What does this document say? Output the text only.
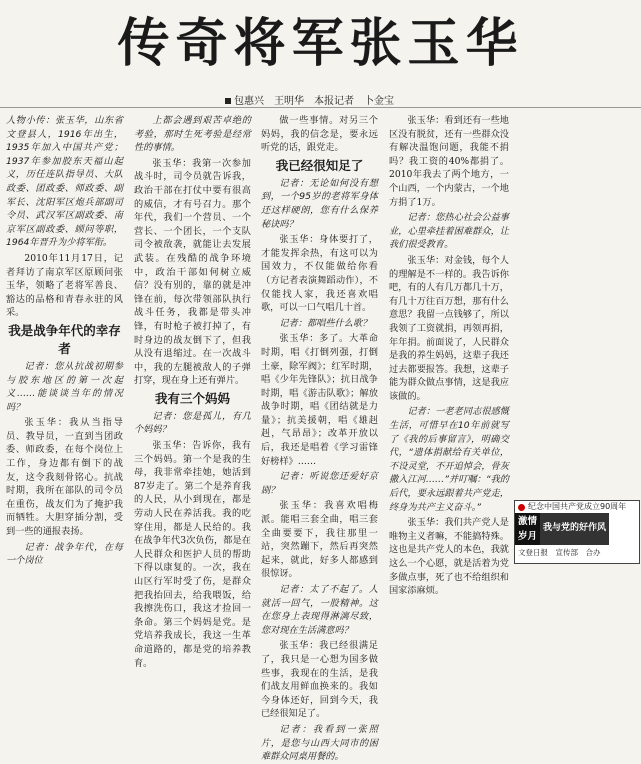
传奇将军张玉华
包惠兴　王明华　本报记者　卜金宝

人物小传：张玉华，山东省文登县人，1916年出生，1935年加入中国共产党；1937年参加胶东天福山起义，历任连队指导员、大队政委、团政委、师政委、副军长、沈阳军区炮兵部副司令员、武汉军区副政委、南京军区副政委、顾问等职，1964年晋升为少将军衔。

2010年11月17日，记者拜访了南京军区原顾问张玉华，领略了老将军善良、豁达的品格和青春永驻的风采。

我是战争年代的幸存者

记者：您从抗战初期参与胶东地区的第一次起义……能谈谈当年的情况吗？

张玉华：我从当指导员、教导员，一直到当团政委、师政委，在每个岗位上工作，身边都有倒下的战友，这令我刻骨铭心。抗战时期，我所在部队的司令员在重伤，战友们为了掩护我而牺牲。大胆穿插分割，受到一些的通报表扬。

记者：战争年代，在每一个岗位

上都会遇到艰苦卓绝的考验，那时生死考验是经常性的事情。

张玉华：我第一次参加战斗时，司令员就告诉我，政治干部在打仗中要有很高的威信，才有号召力。那个年代，我们一个营员、一个营长、一个团长，一个支队司令被敌袭，就能让去发展武装。在残酷的战争环境中，政治干部如何树立威信？没有别的，靠的就是冲锋在前，每次带领部队执行战斗任务，我都是带头冲锋，有时枪子被打掉了，有时身边的战友倒下了，但我从没有退缩过。在一次战斗中，我的左腿被敌人的子弹打穿，现在身上还有弹片。

我有三个妈妈

记者：您是孤儿，有几个妈妈？

张玉华：告诉你，我有三个妈妈。第一个是我的生母，我非常牵挂她，她活到87岁走了。第二个是养育我的人民，从小到现在，都是劳动人民在养活我。我的吃穿住用，都是人民给的。我在战争年代3次负伤，都是在人民群众和医护人员的帮助下得以康复的。一次，我在山区行军时受了伤，是群众把我抬回去，给我喂饭，给我擦洗伤口，我这才捡回一条命。第三个妈妈是党。是党培养我成长，我这一生革命道路的，都是党的培养教育。

做一些事情。对另三个妈妈，我的信念是，要永远听党的话，跟党走。

我已经很知足了

记者：无论如何没有想到，一个95岁的老将军身体还这样硬朗，您有什么保养秘诀吗？

张玉华：身体要打了，才能发挥余热，有这可以为国效力，不仅能做给你看（方记者表演舞蹈动作），不仅能找人家，我还喜欢唱歌，可以一口气唱几十首。

记者：都唱些什么歌？

张玉华：多了。大革命时期，唱《打倒列强，打倒土豪，除军阀》；红军时期，唱《少年先锋队》；抗日战争时期，唱《游击队歌》；解放战争时期，唱《团结就是力量》；抗美援朝，唱《雄赳赳，气昂昂》；改革开放以后，我还是唱着《学习雷锋好榜样》……

记者：听说您还爱好京剧？

张玉华：我喜欢唱梅派。能唱三套全曲，唱三套全曲要要下，我往那里一站，突然蹦下，然后再突然起来，就此，好多人都感到很惊讶。

记者：太了不起了。人就活一回气，一股精神。这在您身上表现得淋漓尽致，您对现在生活满意吗？

张玉华：我已经很满足了，我只是一心想为国多做些事，我现在的生活，是我们战友用鲜血换来的。我如今身体还好，回到今天，我已经很知足了。

记者：我看到一张照片，是您与山西大同市的困难群众同桌用餐的。

张玉华：看到还有一些地区没有脱贫，还有一些群众没有解决温饱问题，我能不捐吗？我工资的40%都捐了。2010年我去了两个地方，一个山西，一个内蒙古，一个地方捐了1万。

记者：您热心社会公益事业，心里牵挂着困难群众，让我们很受教育。

张玉华：对金钱，每个人的理解是不一样的。我告诉你吧，有的人有几万都几十万，有几十万往百万想，那有什么意思？我留一点钱够了，所以我领了工资就捐，再领再捐，年年捐。前面说了，人民群众是我的养生妈妈，这辈子我还过去都要报答。我想，这辈子能为群众做点事情，这是我应该做的。

记者：一老老同志很感慨生活，可惜早在10年前就写了《我的后事留言》，明确交代，“遗体捐献给有关单位，不设灵堂，不开追悼会，骨灰撒入江河……”并叮嘱：“我的后代，要永远跟着共产党走，终身为共产主义奋斗。”

张玉华：我们共产党人是唯物主义者嘛，不能搞特殊。这也是共产党人的本色，我就这么一个心愿，就是活着为党多做点事，死了也不给组织和国家添麻烦。

纪念中国共产党成立90周年
激情
岁月
我与党的好作风
文登日报　宣传部　合办
